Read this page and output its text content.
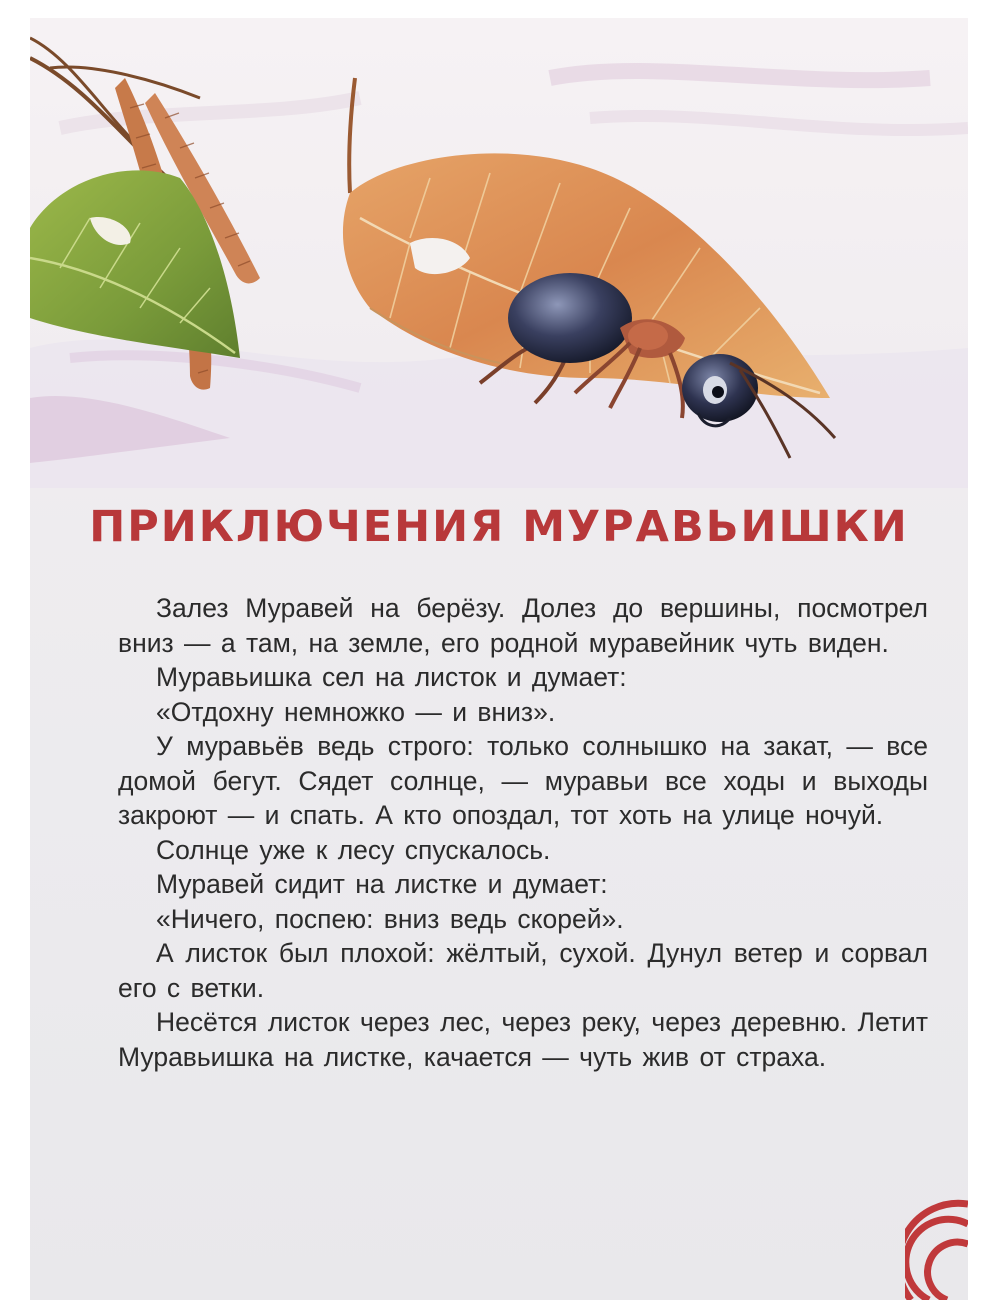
ПРИКЛЮЧЕНИЯ МУРАВЬИШКИ

Залез Муравей на берёзу. Долез до вершины, посмотрел вниз — а там, на земле, его родной муравейник чуть виден.

Муравьишка сел на листок и думает:

«Отдохну немножко — и вниз».

У муравьёв ведь строго: только солнышко на закат, — все домой бегут. Сядет солнце, — муравьи все ходы и выходы закроют — и спать. А кто опоздал, тот хоть на улице ночуй.

Солнце уже к лесу спускалось.

Муравей сидит на листке и думает:

«Ничего, поспею: вниз ведь скорей».

А листок был плохой: жёлтый, сухой. Дунул ветер и сорвал его с ветки.

Несётся листок через лес, через реку, через деревню. Летит Муравьишка на листке, качается — чуть жив от страха.
